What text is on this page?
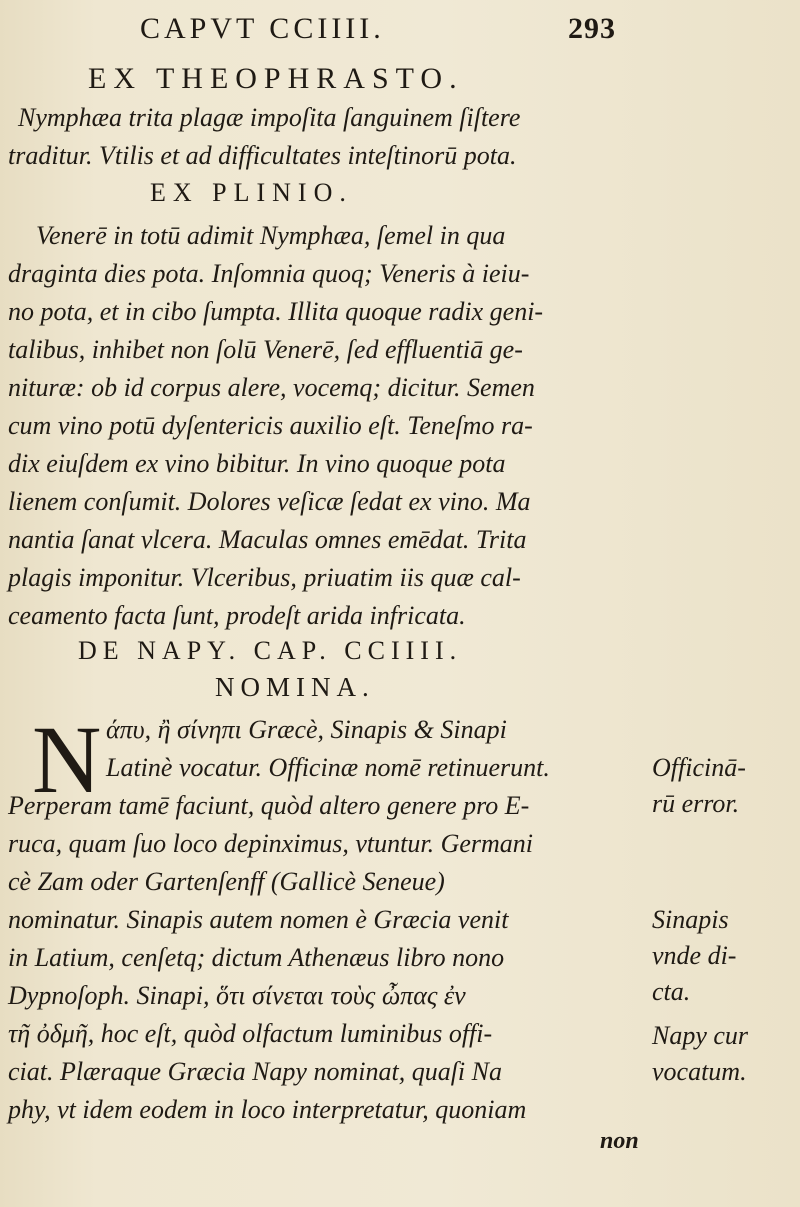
CAPVT CCIIII.	293
EX THEOPHRASTO.
Nymphæa trita plagæ impoſita ſanguinem ſiſtere
traditur. Vtilis et ad difficultates inteſtinorū pota.
EX PLINIO.
Venerē in totū adimit Nymphæa, ſemel in qua
draginta dies pota. Inſomnia quoq; Veneris à ieiu-
no pota, et in cibo ſumpta. Illita quoque radix geni-
talibus, inhibet non ſolū Venerē, ſed effluentiā ge-
nituræ: ob id corpus alere, vocemq; dicitur. Semen
cum vino potū dyſentericis auxilio eſt. Teneſmo ra-
dix eiuſdem ex vino bibitur. In vino quoque pota
lienem conſumit. Dolores veſicæ ſedat ex vino. Ma
nantia ſanat vlcera. Maculas omnes emēdat. Trita
plagis imponitur. Vlceribus, priuatim iis quæ cal-
ceamento facta ſunt, prodeſt arida infricata.
DE NAPY. CAP. CCIIII.
NOMINA.
N άπυ, ἢ σίνηπι Græcè, Sinapis & Sinapi
Latinè vocatur. Officinæ nomē retinuerunt.
Perperam tamē faciunt, quòd altero genere pro E-
ruca, quam ſuo loco depinximus, vtuntur. Germani
cè Zam oder Gartenſenff (Gallicè Seneue)
nominatur. Sinapis autem nomen è Græcia venit
in Latium, cenſetq; dictum Athenæus libro nono
Dypnoſoph. Sinapi, ὅτι σίνεται τοὺς ὦπας ἐν
τῆ ὀδμῆ, hoc eſt, quòd olfactum luminibus offi-
ciat. Plæraque Græcia Napy nominat, quaſi Na
phy, vt idem eodem in loco interpretatur, quoniam
Officinā-
rū error.
Sinapis
vnde di-
cta.
Napy cur
vocatum.
non
